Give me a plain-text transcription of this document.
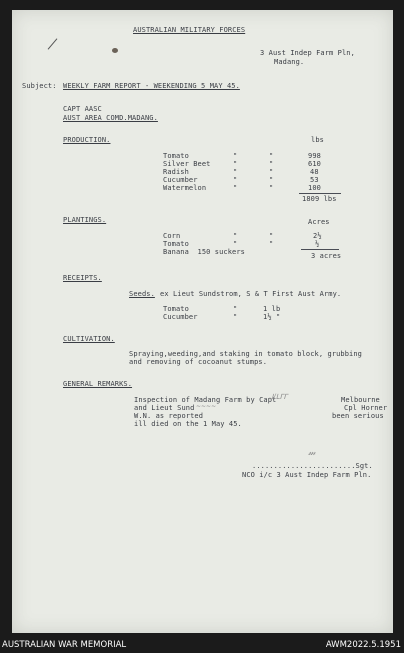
AUSTRALIAN MILITARY FORCES
3 Aust Indep Farm Pln,
Madang.
Subject: WEEKLY FARM REPORT - WEEKENDING 5 MAY 45.
CAPT AASC
AUST AREA COMD.MADANG.
PRODUCTION.	lbs
Tomato	"	"	998
Silver Beet	"	"	610
Radish	"	"	48
Cucumber	"	"	53
Watermelon	"	"	100
1809 lbs
PLANTINGS.	Acres
Corn	"	"	2½
Tomato	"	"	½
Banana  150 suckers	3 acres
RECEIPTS.
Seeds. ex Lieut Sundstrom, S & T First Aust Army.
Tomato	"	1 lb
Cucumber	"	1½ "
CULTIVATION.
Spraying,weeding,and staking in tomato block, grubbing
and removing of cocoanut stumps.
GENERAL REMARKS.
Inspection of Madang Farm by Capt
and Lieut Sund
W.N. as reported
ill died on the 1 May 45.
Melbourne
Cpl Horner
been serious
ᒍ/ᒪᒥᒥ
~~~~
𝓂
........................Sgt.
NCO i/c 3 Aust Indep Farm Pln.
AUSTRALIAN WAR MEMORIAL	AWM2022.5.1951
